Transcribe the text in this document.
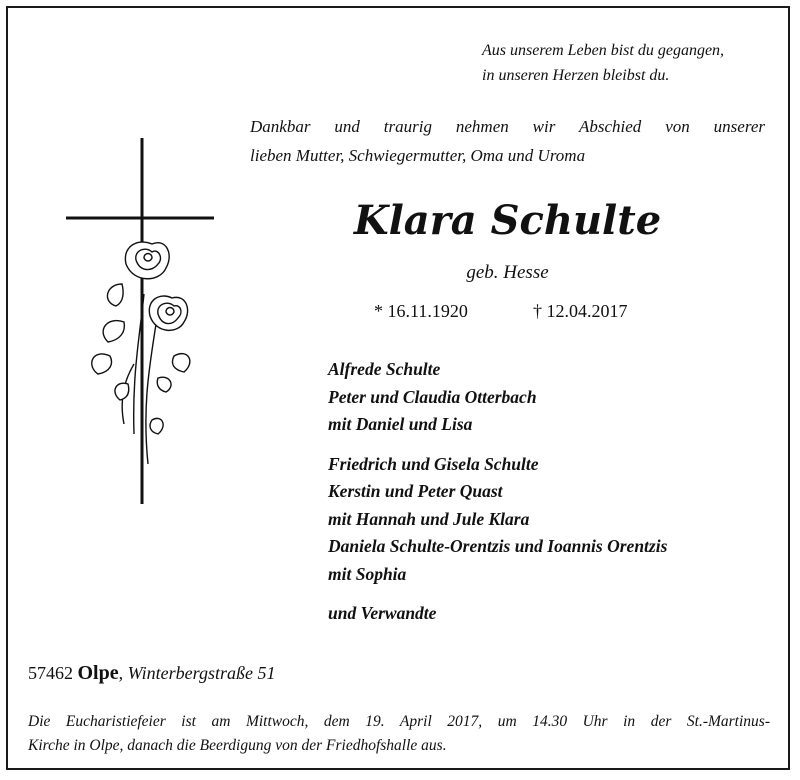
Aus unserem Leben bist du gegangen,
in unseren Herzen bleibst du.
Dankbar und traurig nehmen wir Abschied von unserer
lieben Mutter, Schwiegermutter, Oma und Uroma
Klara Schulte
geb. Hesse
* 16.11.1920	† 12.04.2017
Alfrede Schulte
Peter und Claudia Otterbach
mit Daniel und Lisa
Friedrich und Gisela Schulte
Kerstin und Peter Quast
mit Hannah und Jule Klara
Daniela Schulte-Orentzis und Ioannis Orentzis
mit Sophia
und Verwandte
57462 Olpe, Winterbergstraße 51
Die Eucharistiefeier ist am Mittwoch, dem 19. April 2017, um 14.30 Uhr in der St.-Martinus-
Kirche in Olpe, danach die Beerdigung von der Friedhofshalle aus.
